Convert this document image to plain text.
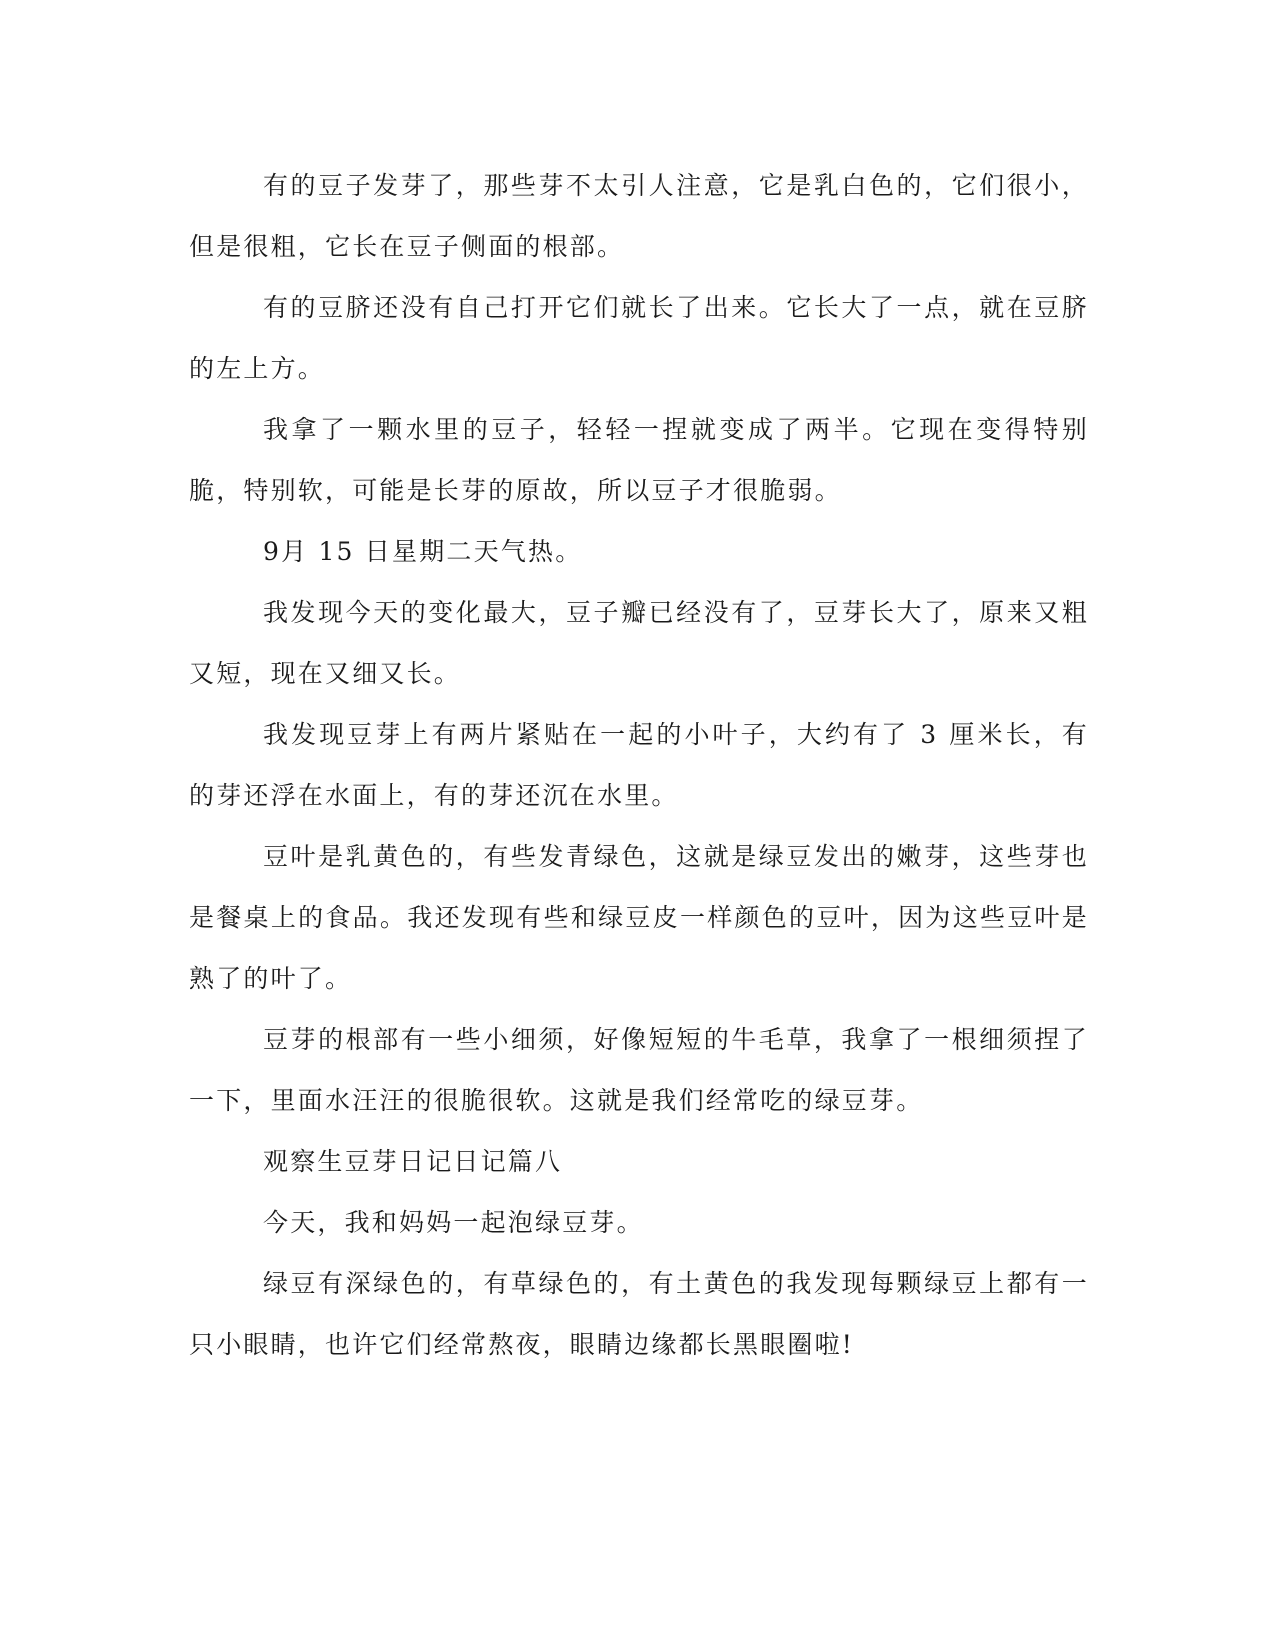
有的豆子发芽了，那些芽不太引人注意，它是乳白色的，它们很小，但是很粗，它长在豆子侧面的根部。

有的豆脐还没有自己打开它们就长了出来。它长大了一点，就在豆脐的左上方。

我拿了一颗水里的豆子，轻轻一捏就变成了两半。它现在变得特别脆，特别软，可能是长芽的原故，所以豆子才很脆弱。

9月 15 日星期二天气热。

我发现今天的变化最大，豆子瓣已经没有了，豆芽长大了，原来又粗又短，现在又细又长。

我发现豆芽上有两片紧贴在一起的小叶子，大约有了 3 厘米长，有的芽还浮在水面上，有的芽还沉在水里。

豆叶是乳黄色的，有些发青绿色，这就是绿豆发出的嫩芽，这些芽也是餐桌上的食品。我还发现有些和绿豆皮一样颜色的豆叶，因为这些豆叶是熟了的叶了。

豆芽的根部有一些小细须，好像短短的牛毛草，我拿了一根细须捏了一下，里面水汪汪的很脆很软。这就是我们经常吃的绿豆芽。

观察生豆芽日记日记篇八

今天，我和妈妈一起泡绿豆芽。

绿豆有深绿色的，有草绿色的，有土黄色的我发现每颗绿豆上都有一只小眼睛，也许它们经常熬夜，眼睛边缘都长黑眼圈啦!
